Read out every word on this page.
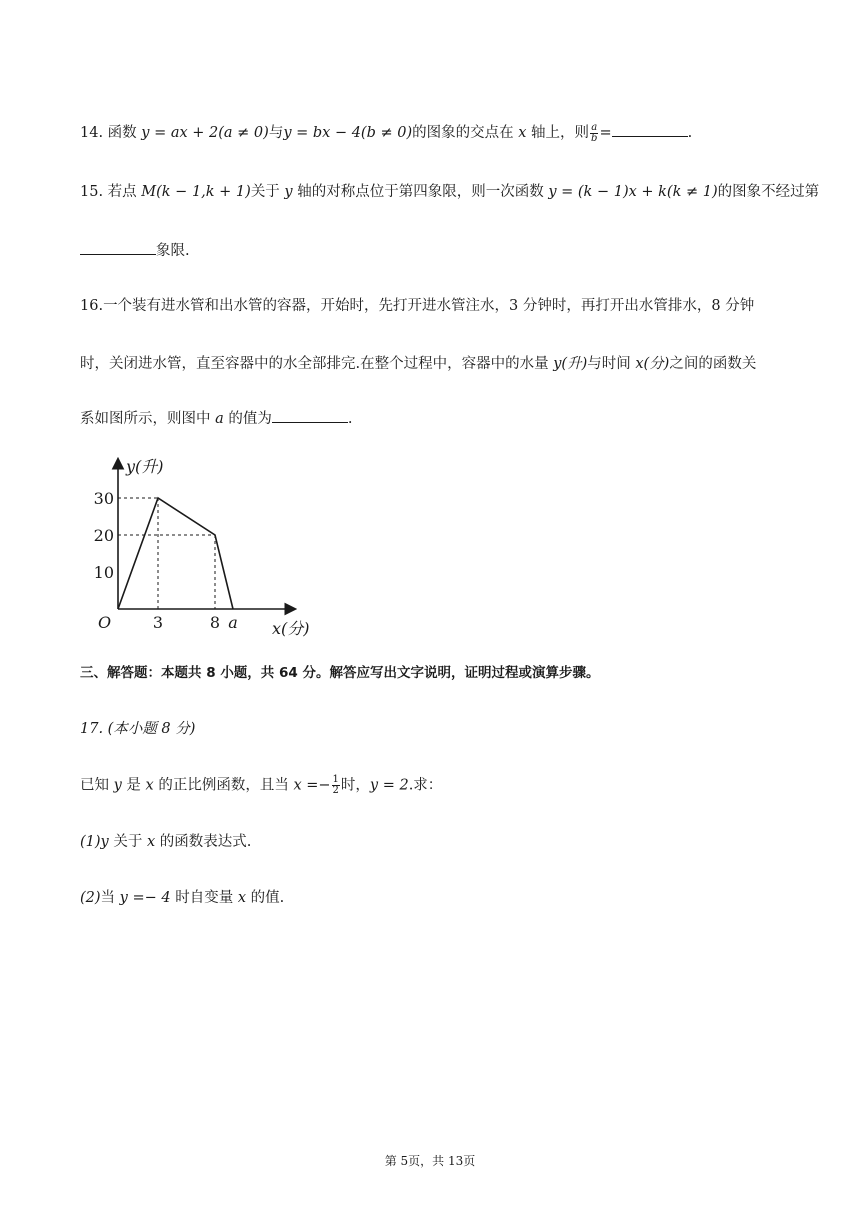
14. 函数 y = ax + 2(a ≠ 0)与y = bx − 4(b ≠ 0)的图象的交点在 x 轴上，则 $\frac{a}{b}$ =	.
15. 若点 M(k − 1,k + 1)关于 y 轴的对称点位于第四象限，则一次函数 y = (k − 1)x + k(k ≠ 1)的图象不经过第
象限.
16.一个装有进水管和出水管的容器，开始时，先打开进水管注水，3 分钟时，再打开出水管排水，8 分钟
时，关闭进水管，直至容器中的水全部排完.在整个过程中，容器中的水量 y(升)与时间 x(分)之间的函数关
系如图所示，则图中 a 的值为	.
10
20
30
3	8 a
y(升)
x(分)
O
三、解答题：本题共 8 小题，共 64 分。解答应写出文字说明，证明过程或演算步骤。
17. (本小题 8 分)
已知 y 是 x 的正比例函数，且当 $x =- \frac{1}{2}$ 时，y = 2.求：
(1)y 关于 x 的函数表达式.
(2)当 y =− 4 时自变量 x 的值.
第 5页，共 13页
